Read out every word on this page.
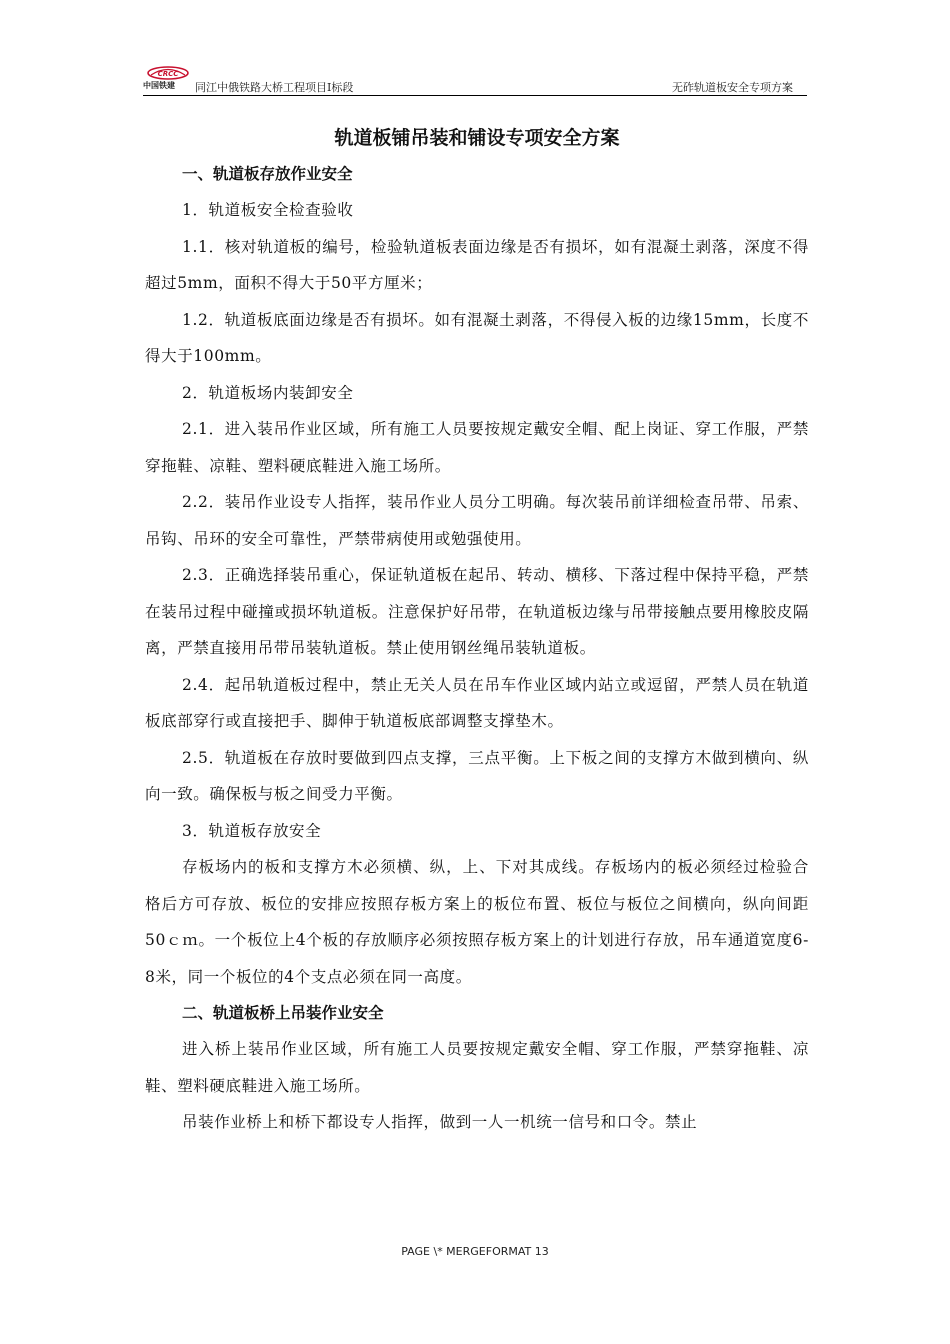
CRCC
中国铁建	同江中俄铁路大桥工程项目Ⅰ标段	无砟轨道板安全专项方案
轨道板铺吊装和铺设专项安全方案
一、轨道板存放作业安全

1．轨道板安全检查验收

1.1．核对轨道板的编号，检验轨道板表面边缘是否有损坏，如有混凝土剥落，深度不得超过5mm，面积不得大于50平方厘米；

1.2．轨道板底面边缘是否有损坏。如有混凝土剥落，不得侵入板的边缘15mm，长度不得大于100mm。

2．轨道板场内装卸安全

2.1．进入装吊作业区域，所有施工人员要按规定戴安全帽、配上岗证、穿工作服，严禁穿拖鞋、凉鞋、塑料硬底鞋进入施工场所。

2.2．装吊作业设专人指挥，装吊作业人员分工明确。每次装吊前详细检查吊带、吊索、吊钩、吊环的安全可靠性，严禁带病使用或勉强使用。

2.3．正确选择装吊重心，保证轨道板在起吊、转动、横移、下落过程中保持平稳，严禁在装吊过程中碰撞或损坏轨道板。注意保护好吊带，在轨道板边缘与吊带接触点要用橡胶皮隔离，严禁直接用吊带吊装轨道板。禁止使用钢丝绳吊装轨道板。

2.4．起吊轨道板过程中，禁止无关人员在吊车作业区域内站立或逗留，严禁人员在轨道板底部穿行或直接把手、脚伸于轨道板底部调整支撑垫木。

2.5．轨道板在存放时要做到四点支撑，三点平衡。上下板之间的支撑方木做到横向、纵向一致。确保板与板之间受力平衡。

3．轨道板存放安全

存板场内的板和支撑方木必须横、纵，上、下对其成线。存板场内的板必须经过检验合格后方可存放、板位的安排应按照存板方案上的板位布置、板位与板位之间横向，纵向间距50ｃｍ。一个板位上4个板的存放顺序必须按照存板方案上的计划进行存放，吊车通道宽度6-8米，同一个板位的4个支点必须在同一高度。

二、轨道板桥上吊装作业安全

进入桥上装吊作业区域，所有施工人员要按规定戴安全帽、穿工作服，严禁穿拖鞋、凉鞋、塑料硬底鞋进入施工场所。

吊装作业桥上和桥下都设专人指挥，做到一人一机统一信号和口令。禁止

PAGE \* MERGEFORMAT 13
